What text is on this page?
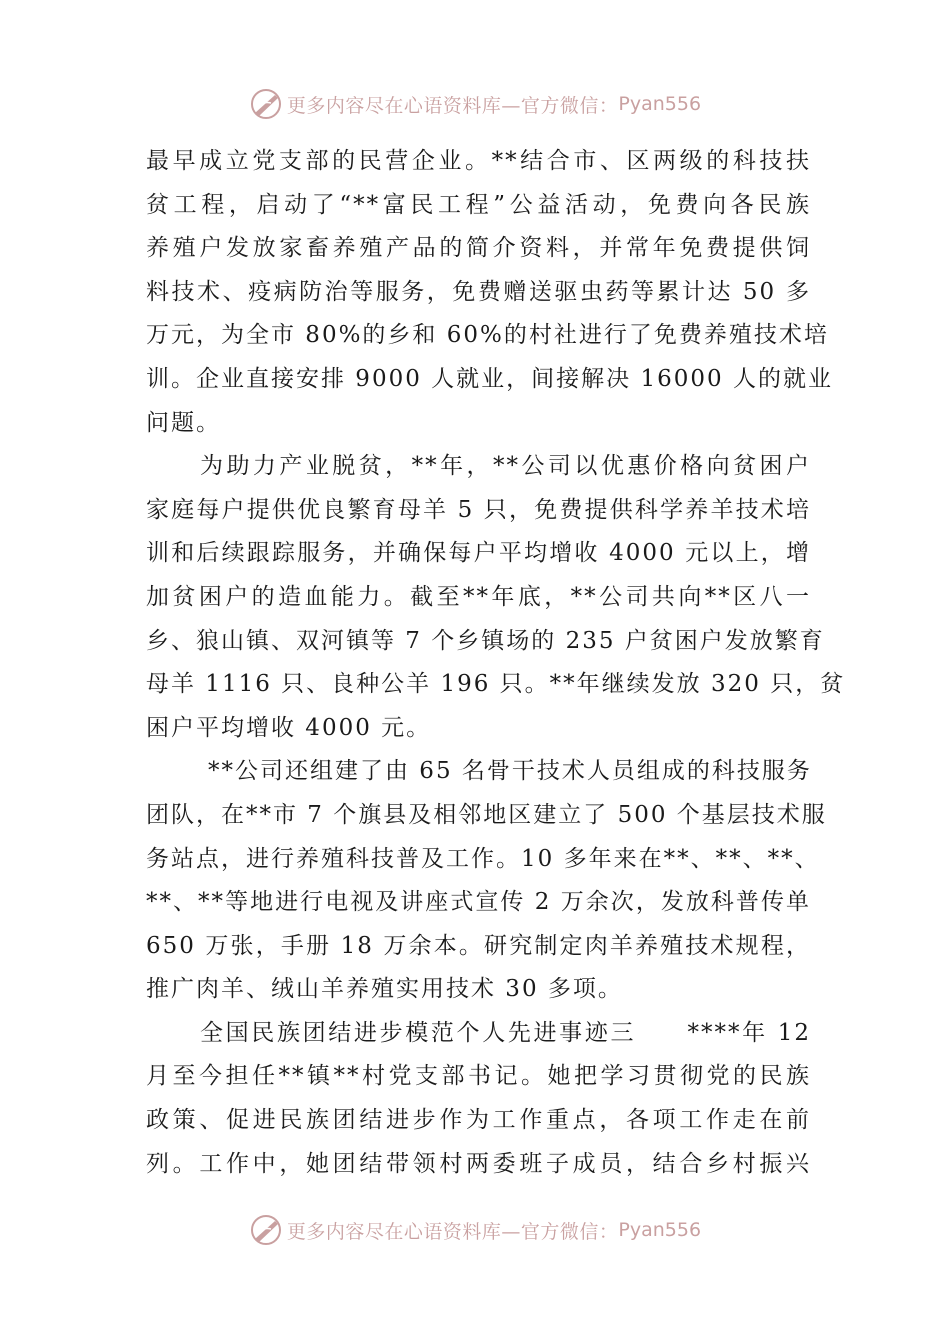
更多内容尽在心语资料库—官方微信： Pyan556
最早成立党支部的民营企业。**结合市、区两级的科技扶
贫工程，启动了“**富民工程”公益活动，免费向各民族
养殖户发放家畜养殖产品的简介资料，并常年免费提供饲
料技术、疫病防治等服务，免费赠送驱虫药等累计达 50 多
万元，为全市 80%的乡和 60%的村社进行了免费养殖技术培
训。企业直接安排 9000 人就业，间接解决 16000 人的就业
问题。
为助力产业脱贫，**年，**公司以优惠价格向贫困户
家庭每户提供优良繁育母羊 5 只，免费提供科学养羊技术培
训和后续跟踪服务，并确保每户平均增收 4000 元以上，增
加贫困户的造血能力。截至**年底，**公司共向**区八一
乡、狼山镇、双河镇等 7 个乡镇场的 235 户贫困户发放繁育
母羊 1116 只、良种公羊 196 只。**年继续发放 320 只，贫
困户平均增收 4000 元。
**公司还组建了由 65 名骨干技术人员组成的科技服务
团队，在**市 7 个旗县及相邻地区建立了 500 个基层技术服
务站点，进行养殖科技普及工作。10 多年来在**、**、**、
**、**等地进行电视及讲座式宣传 2 万余次，发放科普传单
650 万张，手册 18 万余本。研究制定肉羊养殖技术规程，
推广肉羊、绒山羊养殖实用技术 30 多项。
全国民族团结进步模范个人先进事迹三　　****年 12
月至今担任**镇**村党支部书记。她把学习贯彻党的民族
政策、促进民族团结进步作为工作重点，各项工作走在前
列。工作中，她团结带领村两委班子成员，结合乡村振兴
更多内容尽在心语资料库—官方微信： Pyan556
